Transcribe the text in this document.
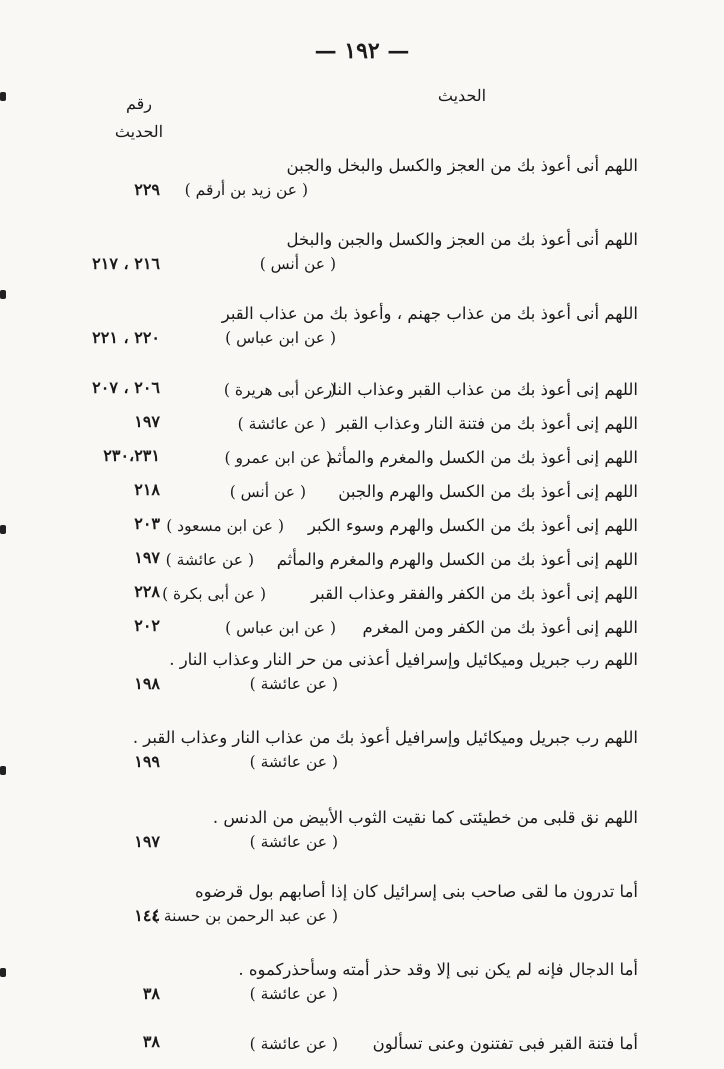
— ١٩٢ —
الحديث
رقم
الحديث
اللهم أنى أعوذ بك من العجز والكسل والبخل والجبن
( عن زيد بن أرقم )
٢٢٩
اللهم أنى أعوذ بك من العجز والكسل والجبن والبخل
( عن أنس )
٢١٦ ، ٢١٧
اللهم أنى أعوذ بك من عذاب جهنم ، وأعوذ بك من عذاب القبر
( عن ابن عباس )
٢٢٠ ، ٢٢١
اللهم إنى أعوذ بك من عذاب القبر وعذاب النار
( عن أبى هريرة )
٢٠٦ ، ٢٠٧
اللهم إنى أعوذ بك من فتنة النار وعذاب القبر
( عن عائشة )
١٩٧
اللهم إنى أعوذ بك من الكسل والمغرم والمأثم
( عن ابن عمرو )
٢٣٠،٢٣١
اللهم إنى أعوذ بك من الكسل والهرم والجبن
( عن أنس )
٢١٨
اللهم إنى أعوذ بك من الكسل والهرم وسوء الكبر
( عن ابن مسعود )
٢٠٣
اللهم إنى أعوذ بك من الكسل والهرم والمغرم والمأثم
( عن عائشة )
١٩٧
اللهم إنى أعوذ بك من الكفر والفقر وعذاب القبر
( عن أبى بكرة )
٢٢٨
اللهم إنى أعوذ بك من الكفر ومن المغرم
( عن ابن عباس )
٢٠٢
اللهم رب جبريل وميكائيل وإسرافيل أعذنى من حر النار وعذاب النار .
( عن عائشة )
١٩٨
اللهم رب جبريل وميكائيل وإسرافيل أعوذ بك من عذاب النار وعذاب القبر .
( عن عائشة )
١٩٩
اللهم نق قلبى من خطيئتى كما نقيت الثوب الأبيض من الدنس .
( عن عائشة )
١٩٧
أما تدرون ما لقى صاحب بنى إسرائيل كان إذا أصابهم بول قرضوه
( عن عبد الرحمن بن حسنة )
١٤٤
أما الدجال فإنه لم يكن نبى إلا وقد حذر أمته وسأحذركموه .
( عن عائشة )
٣٨
أما فتنة القبر فبى تفتنون وعنى تسألون
( عن عائشة )
٣٨
